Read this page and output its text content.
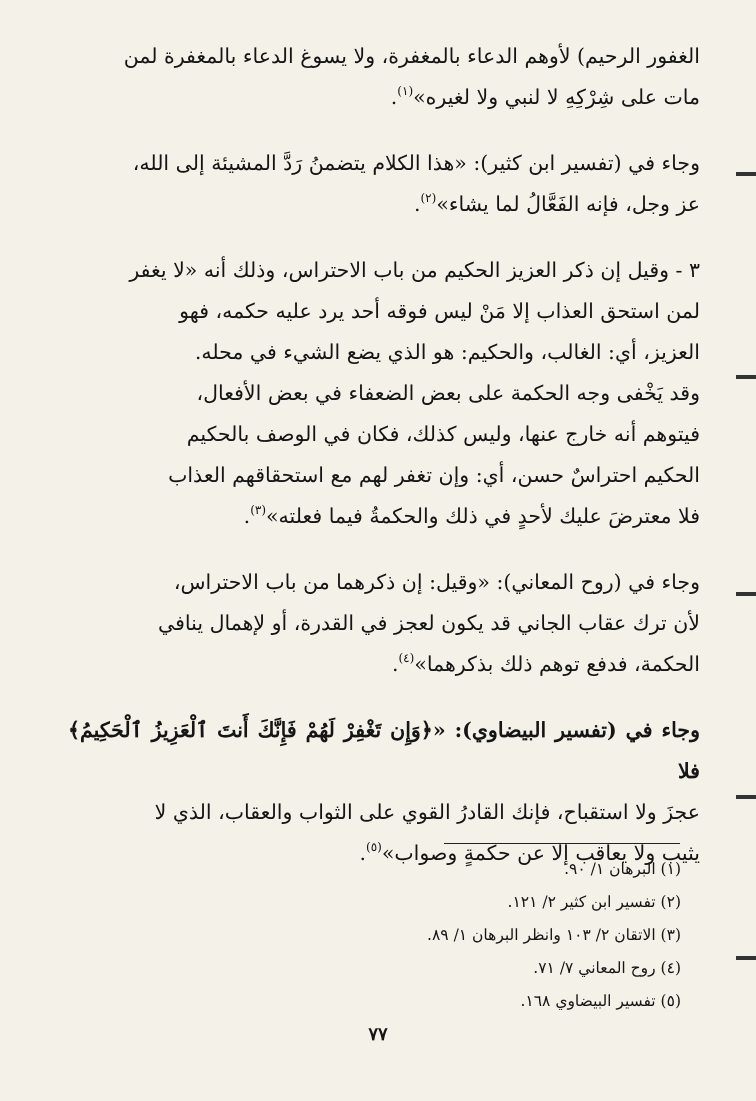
الغفور الرحيم) لأوهم الدعاء بالمغفرة، ولا يسوغ الدعاء بالمغفرة لمن
مات على شِرْكِهِ لا لنبي ولا لغيره»$^{(١)}$.

وجاء في (تفسير ابن كثير): «هذا الكلام يتضمنُ رَدَّ المشيئة إلى الله،
عز وجل، فإنه الفَعَّالُ لما يشاء»$^{(٢)}$.

٣ - وقيل إن ذكر العزيز الحكيم من باب الاحتراس، وذلك أنه «لا يغفر
لمن استحق العذاب إلا مَنْ ليس فوقه أحد يرد عليه حكمه، فهو
العزيز، أي: الغالب، والحكيم: هو الذي يضع الشيء في محله.
وقد يَخْفى وجه الحكمة على بعض الضعفاء في بعض الأفعال،
فيتوهم أنه خارج عنها، وليس كذلك، فكان في الوصف بالحكيم
الحكيم احتراسٌ حسن، أي: وإن تغفر لهم مع استحقاقهم العذاب
فلا معترضَ عليك لأحدٍ في ذلك والحكمةُ فيما فعلته»$^{(٣)}$.

وجاء في (روح المعاني): «وقيل: إن ذكرهما من باب الاحتراس،
لأن ترك عقاب الجاني قد يكون لعجز في القدرة، أو لإهمال ينافي
الحكمة، فدفع توهم ذلك بذكرهما»$^{(٤)}$.

وجاء في (تفسير البيضاوي): «﴿وَإِن تَغْفِرْ لَهُمْ فَإِنَّكَ أَنتَ ٱلْعَزِيزُ ٱلْحَكِيمُ﴾ فلا
عجزَ ولا استقباح، فإنك القادرُ القوي على الثواب والعقاب، الذي لا
يثيب ولا يعاقب إلا عن حكمةٍ وصواب»$^{(٥)}$.

(١) البرهان ١/ ٩٠.
(٢) تفسير ابن كثير ٢/ ١٢١.
(٣) الاتقان ٢/ ١٠٣ وانظر البرهان ١/ ٨٩.
(٤) روح المعاني ٧/ ٧١.
(٥) تفسير البيضاوي ١٦٨.
٧٧
